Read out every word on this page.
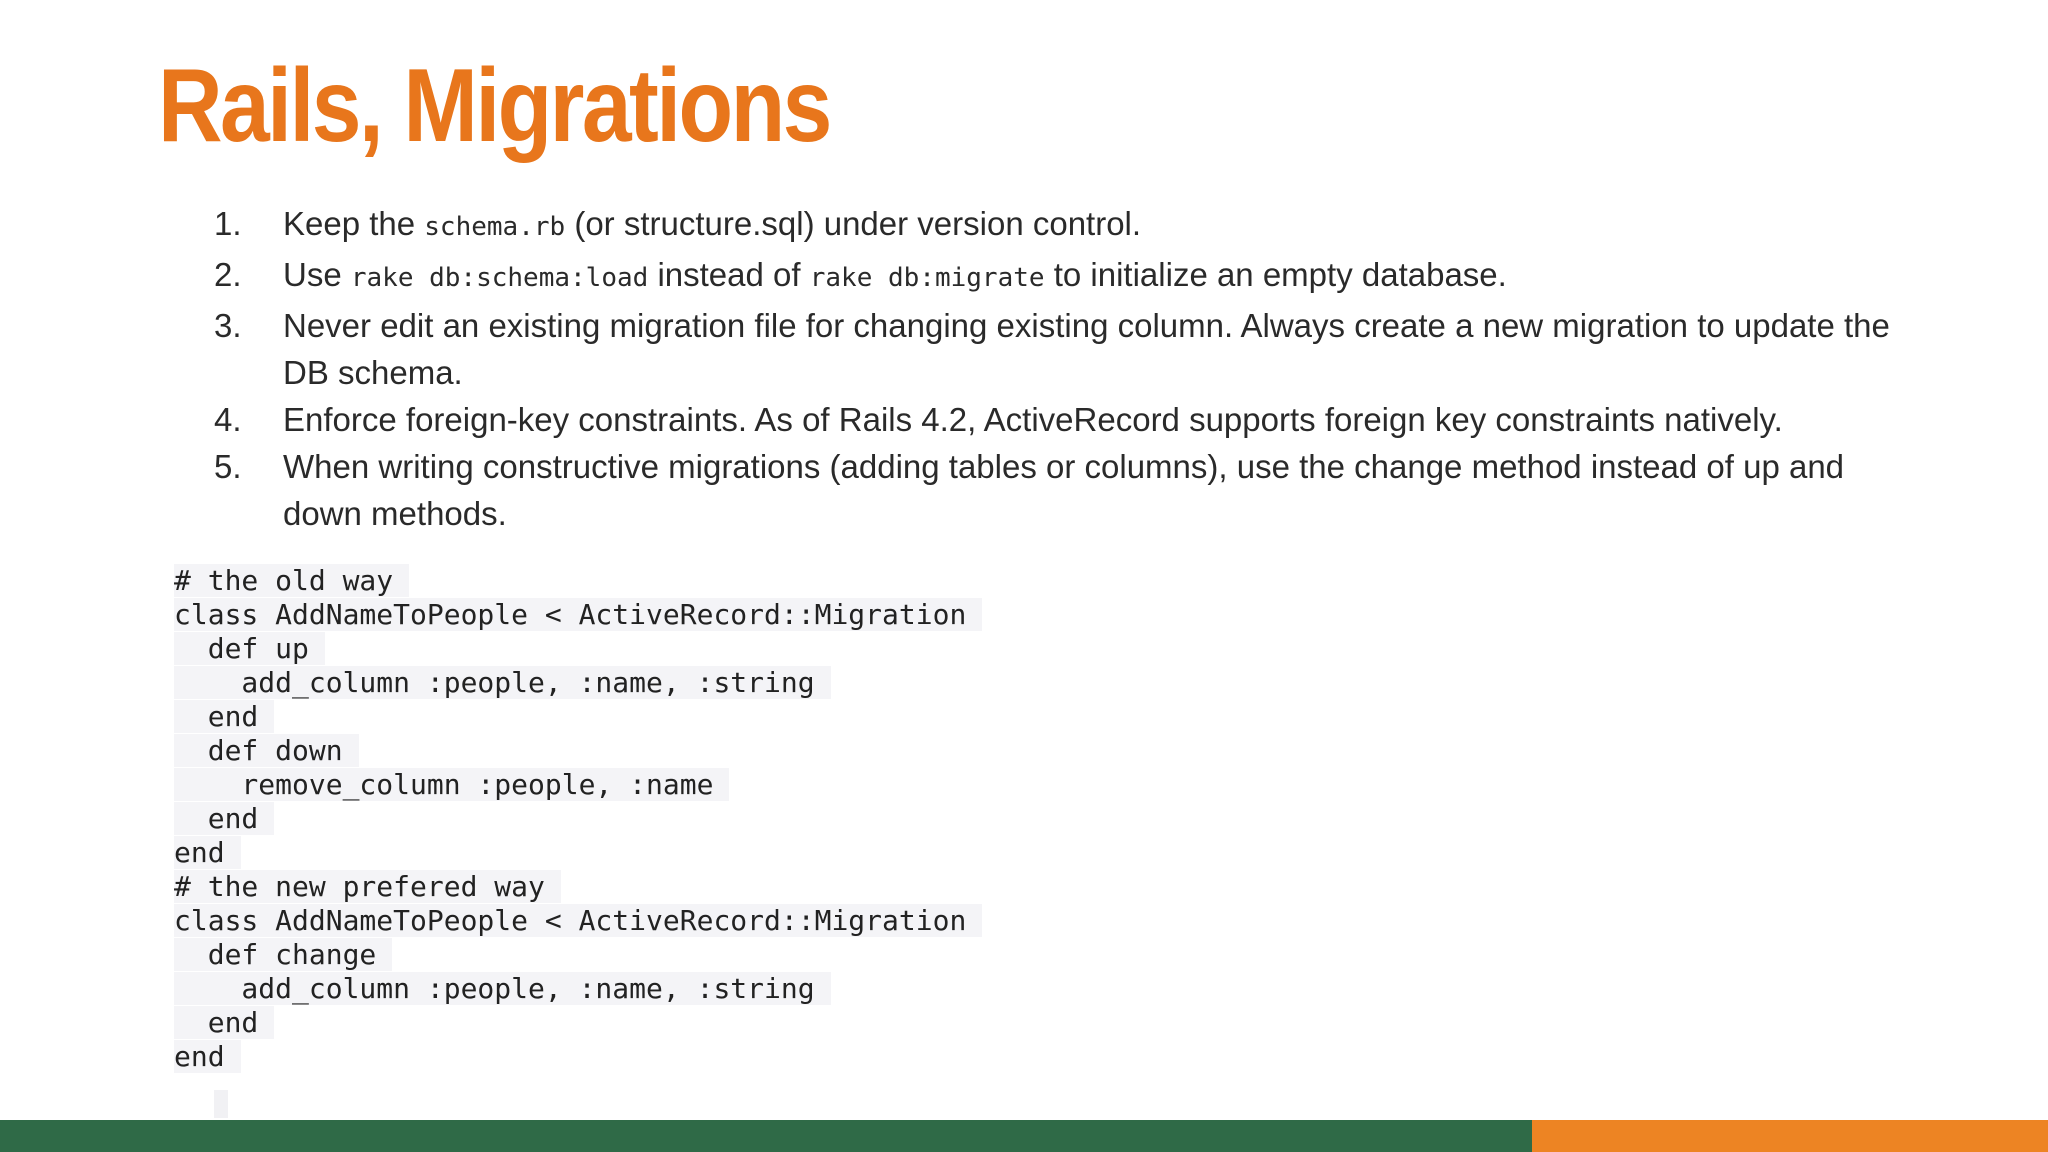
Rails, Migrations
1. Keep the schema.rb (or structure.sql) under version control.
2. Use rake db:schema:load instead of rake db:migrate to initialize an empty database.
3. Never edit an existing migration file for changing existing column. Always create a new migration to update the DB schema.
4. Enforce foreign-key constraints. As of Rails 4.2, ActiveRecord supports foreign key constraints natively.
5. When writing constructive migrations (adding tables or columns), use the change method instead of up and down methods.
# the old way
class AddNameToPeople < ActiveRecord::Migration
def up
add_column :people, :name, :string
end
def down
remove_column :people, :name
end
end
# the new prefered way
class AddNameToPeople < ActiveRecord::Migration
def change
add_column :people, :name, :string
end
end
